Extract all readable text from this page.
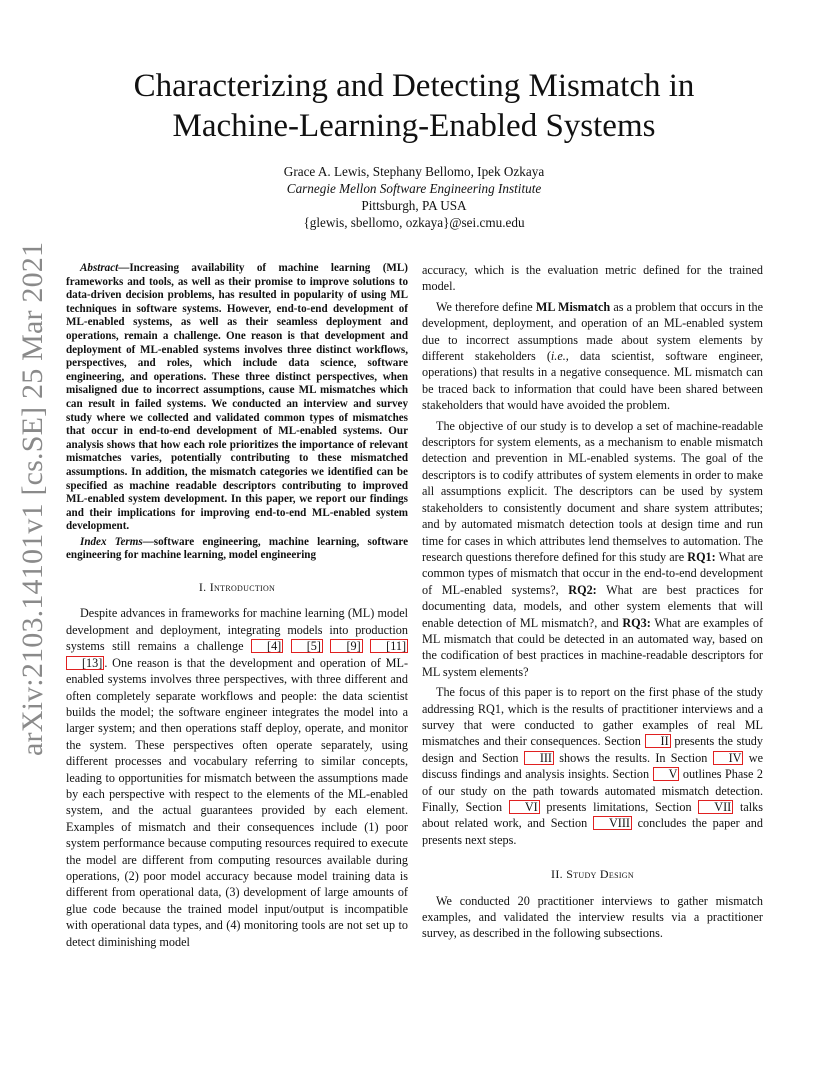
arXiv:2103.14101v1 [cs.SE] 25 Mar 2021
Characterizing and Detecting Mismatch in
Machine-Learning-Enabled Systems
Grace A. Lewis, Stephany Bellomo, Ipek Ozkaya
Carnegie Mellon Software Engineering Institute
Pittsburgh, PA USA
{glewis, sbellomo, ozkaya}@sei.cmu.edu

Abstract—Increasing availability of machine learning (ML) frameworks and tools, as well as their promise to improve solutions to data-driven decision problems, has resulted in popularity of using ML techniques in software systems. However, end-to-end development of ML-enabled systems, as well as their seamless deployment and operations, remain a challenge. One reason is that development and deployment of ML-enabled systems involves three distinct workflows, perspectives, and roles, which include data science, software engineering, and operations. These three distinct perspectives, when misaligned due to incorrect assumptions, cause ML mismatches which can result in failed systems. We conducted an interview and survey study where we collected and validated common types of mismatches that occur in end-to-end development of ML-enabled systems. Our analysis shows that how each role prioritizes the importance of relevant mismatches varies, potentially contributing to these mismatched assumptions. In addition, the mismatch categories we identified can be specified as machine readable descriptors contributing to improved ML-enabled system development. In this paper, we report our findings and their implications for improving end-to-end ML-enabled system development.

Index Terms—software engineering, machine learning, software engineering for machine learning, model engineering

I. Introduction

Despite advances in frameworks for machine learning (ML) model development and deployment, integrating models into production systems still remains a challenge [4] [5] [9] [11] [13] . One reason is that the development and operation of ML-enabled systems involves three perspectives, with three different and often completely separate workflows and people: the data scientist builds the model; the software engineer integrates the model into a larger system; and then operations staff deploy, operate, and monitor the system. These perspectives often operate separately, using different processes and vocabulary referring to similar concepts, leading to opportunities for mismatch between the assumptions made by each perspective with respect to the elements of the ML-enabled system, and the actual guarantees provided by each element. Examples of mismatch and their consequences include (1) poor system performance because computing resources required to execute the model are different from computing resources available during operations, (2) poor model accuracy because model training data is different from operational data, (3) development of large amounts of glue code because the trained model input/output is incompatible with operational data types, and (4) monitoring tools are not set up to detect diminishing model

accuracy, which is the evaluation metric defined for the trained model.

We therefore define ML Mismatch as a problem that occurs in the development, deployment, and operation of an ML-enabled system due to incorrect assumptions made about system elements by different stakeholders (i.e., data scientist, software engineer, operations) that results in a negative consequence. ML mismatch can be traced back to information that could have been shared between stakeholders that would have avoided the problem.

The objective of our study is to develop a set of machine-readable descriptors for system elements, as a mechanism to enable mismatch detection and prevention in ML-enabled systems. The goal of the descriptors is to codify attributes of system elements in order to make all assumptions explicit. The descriptors can be used by system stakeholders to consistently document and share system attributes; and by automated mismatch detection tools at design time and run time for cases in which attributes lend themselves to automation. The research questions therefore defined for this study are RQ1: What are common types of mismatch that occur in the end-to-end development of ML-enabled systems?, RQ2: What are best practices for documenting data, models, and other system elements that will enable detection of ML mismatch?, and RQ3: What are examples of ML mismatch that could be detected in an automated way, based on the codification of best practices in machine-readable descriptors for ML system elements?

The focus of this paper is to report on the first phase of the study addressing RQ1, which is the results of practitioner interviews and a survey that were conducted to gather examples of real ML mismatches and their consequences. Section II presents the study design and Section III shows the results. In Section IV we discuss findings and analysis insights. Section V outlines Phase 2 of our study on the path towards automated mismatch detection. Finally, Section VI presents limitations, Section VII talks about related work, and Section VIII concludes the paper and presents next steps.

II. Study Design

We conducted 20 practitioner interviews to gather mismatch examples, and validated the interview results via a practitioner survey, as described in the following subsections.
